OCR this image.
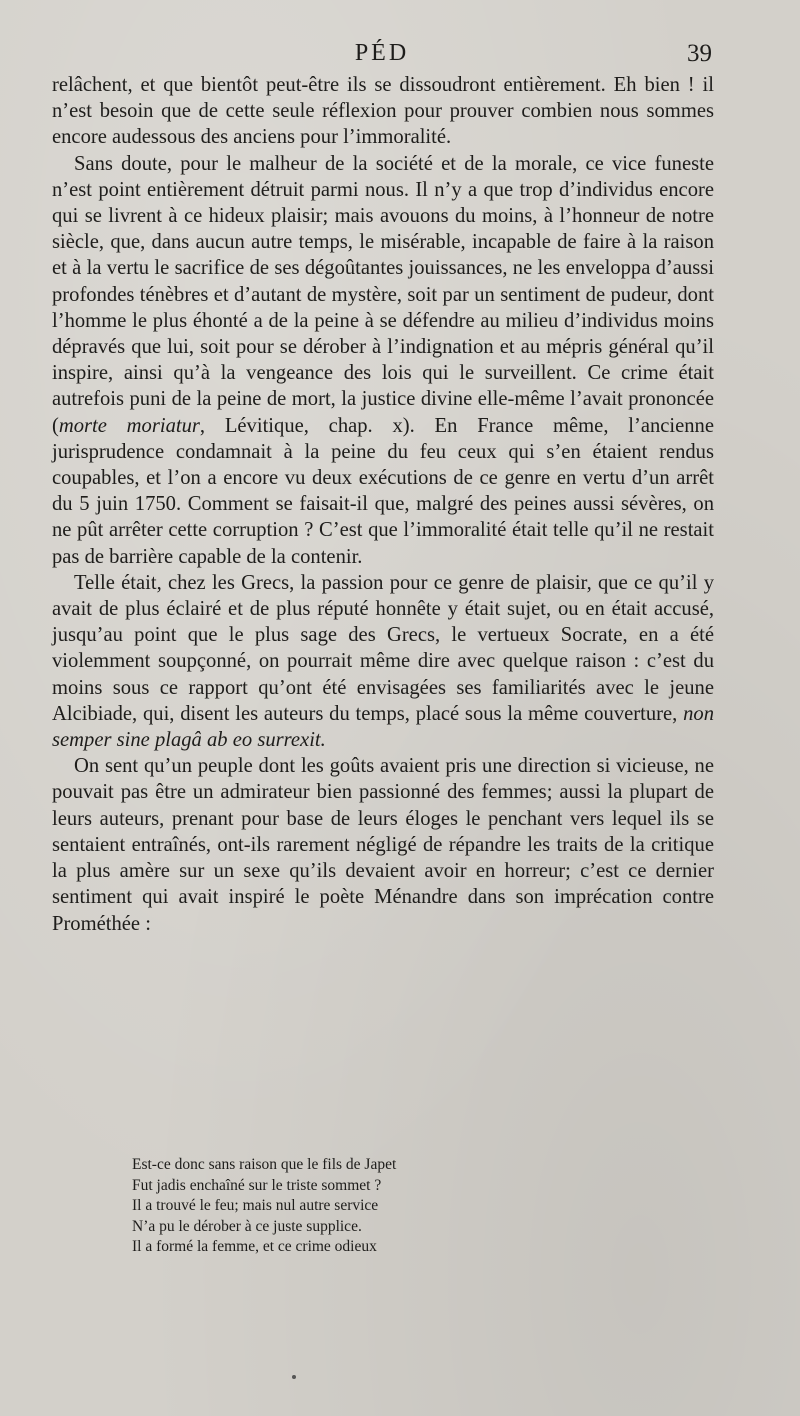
PÉD	39

relâchent, et que bientôt peut-être ils se dissoudront entièrement. Eh bien ! il n’est besoin que de cette seule réflexion pour prouver combien nous sommes encore audessous des anciens pour l’immoralité.

Sans doute, pour le malheur de la société et de la morale, ce vice funeste n’est point entièrement détruit parmi nous. Il n’y a que trop d’individus encore qui se livrent à ce hideux plaisir; mais avouons du moins, à l’honneur de notre siècle, que, dans aucun autre temps, le misérable, incapable de faire à la raison et à la vertu le sacrifice de ses dégoûtantes jouissances, ne les enveloppa d’aussi profondes ténèbres et d’autant de mystère, soit par un sentiment de pudeur, dont l’homme le plus éhonté a de la peine à se défendre au milieu d’individus moins dépravés que lui, soit pour se dérober à l’indignation et au mépris général qu’il inspire, ainsi qu’à la vengeance des lois qui le surveillent. Ce crime était autrefois puni de la peine de mort, la justice divine elle-même l’avait prononcée (morte moriatur, Lévitique, chap. x). En France même, l’ancienne jurisprudence condamnait à la peine du feu ceux qui s’en étaient rendus coupables, et l’on a encore vu deux exécutions de ce genre en vertu d’un arrêt du 5 juin 1750. Comment se faisait-il que, malgré des peines aussi sévères, on ne pût arrêter cette corruption ? C’est que l’immoralité était telle qu’il ne restait pas de barrière capable de la contenir.

Telle était, chez les Grecs, la passion pour ce genre de plaisir, que ce qu’il y avait de plus éclairé et de plus réputé honnête y était sujet, ou en était accusé, jusqu’au point que le plus sage des Grecs, le vertueux Socrate, en a été violemment soupçonné, on pourrait même dire avec quelque raison : c’est du moins sous ce rapport qu’ont été envisagées ses familiarités avec le jeune Alcibiade, qui, disent les auteurs du temps, placé sous la même couverture, non semper sine plagâ ab eo surrexit.

On sent qu’un peuple dont les goûts avaient pris une direction si vicieuse, ne pouvait pas être un admirateur bien passionné des femmes; aussi la plupart de leurs auteurs, prenant pour base de leurs éloges le penchant vers lequel ils se sentaient entraînés, ont-ils rarement négligé de répandre les traits de la critique la plus amère sur un sexe qu’ils devaient avoir en horreur; c’est ce dernier sentiment qui avait inspiré le poète Ménandre dans son imprécation contre Prométhée :

Est-ce donc sans raison que le fils de Japet
Fut jadis enchaîné sur le triste sommet ?
Il a trouvé le feu; mais nul autre service
N’a pu le dérober à ce juste supplice.
Il a formé la femme, et ce crime odieux
